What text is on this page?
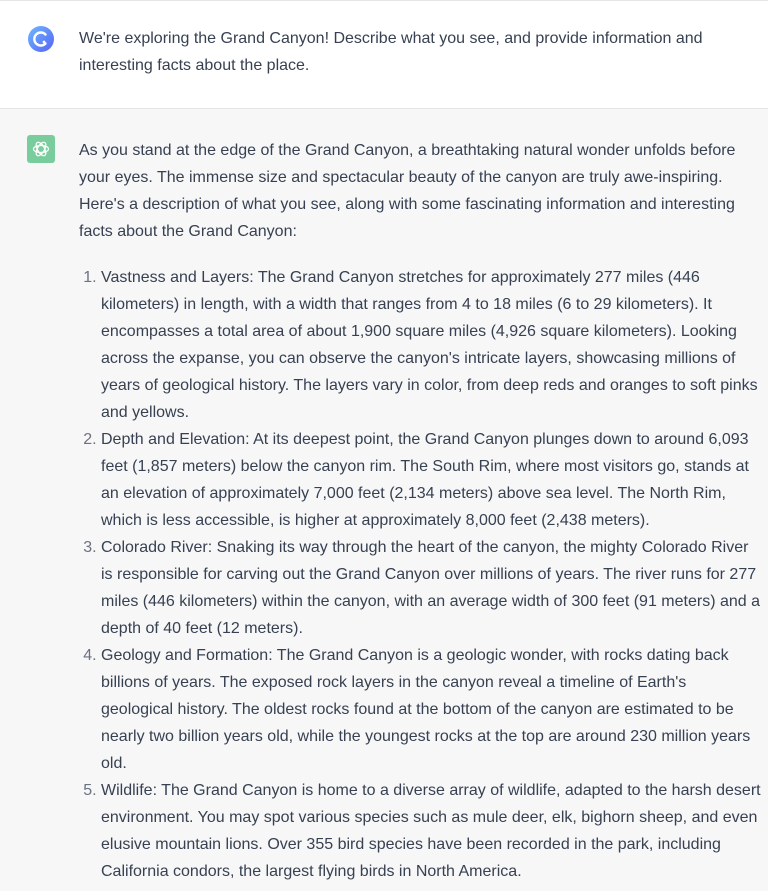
We're exploring the Grand Canyon! Describe what you see, and provide information and interesting facts about the place.

As you stand at the edge of the Grand Canyon, a breathtaking natural wonder unfolds before your eyes. The immense size and spectacular beauty of the canyon are truly awe-inspiring. Here's a description of what you see, along with some fascinating information and interesting facts about the Grand Canyon:

1. Vastness and Layers: The Grand Canyon stretches for approximately 277 miles (446 kilometers) in length, with a width that ranges from 4 to 18 miles (6 to 29 kilometers). It encompasses a total area of about 1,900 square miles (4,926 square kilometers). Looking across the expanse, you can observe the canyon's intricate layers, showcasing millions of years of geological history. The layers vary in color, from deep reds and oranges to soft pinks and yellows.
2. Depth and Elevation: At its deepest point, the Grand Canyon plunges down to around 6,093 feet (1,857 meters) below the canyon rim. The South Rim, where most visitors go, stands at an elevation of approximately 7,000 feet (2,134 meters) above sea level. The North Rim, which is less accessible, is higher at approximately 8,000 feet (2,438 meters).
3. Colorado River: Snaking its way through the heart of the canyon, the mighty Colorado River is responsible for carving out the Grand Canyon over millions of years. The river runs for 277 miles (446 kilometers) within the canyon, with an average width of 300 feet (91 meters) and a depth of 40 feet (12 meters).
4. Geology and Formation: The Grand Canyon is a geologic wonder, with rocks dating back billions of years. The exposed rock layers in the canyon reveal a timeline of Earth's geological history. The oldest rocks found at the bottom of the canyon are estimated to be nearly two billion years old, while the youngest rocks at the top are around 230 million years old.
5. Wildlife: The Grand Canyon is home to a diverse array of wildlife, adapted to the harsh desert environment. You may spot various species such as mule deer, elk, bighorn sheep, and even elusive mountain lions. Over 355 bird species have been recorded in the park, including California condors, the largest flying birds in North America.
